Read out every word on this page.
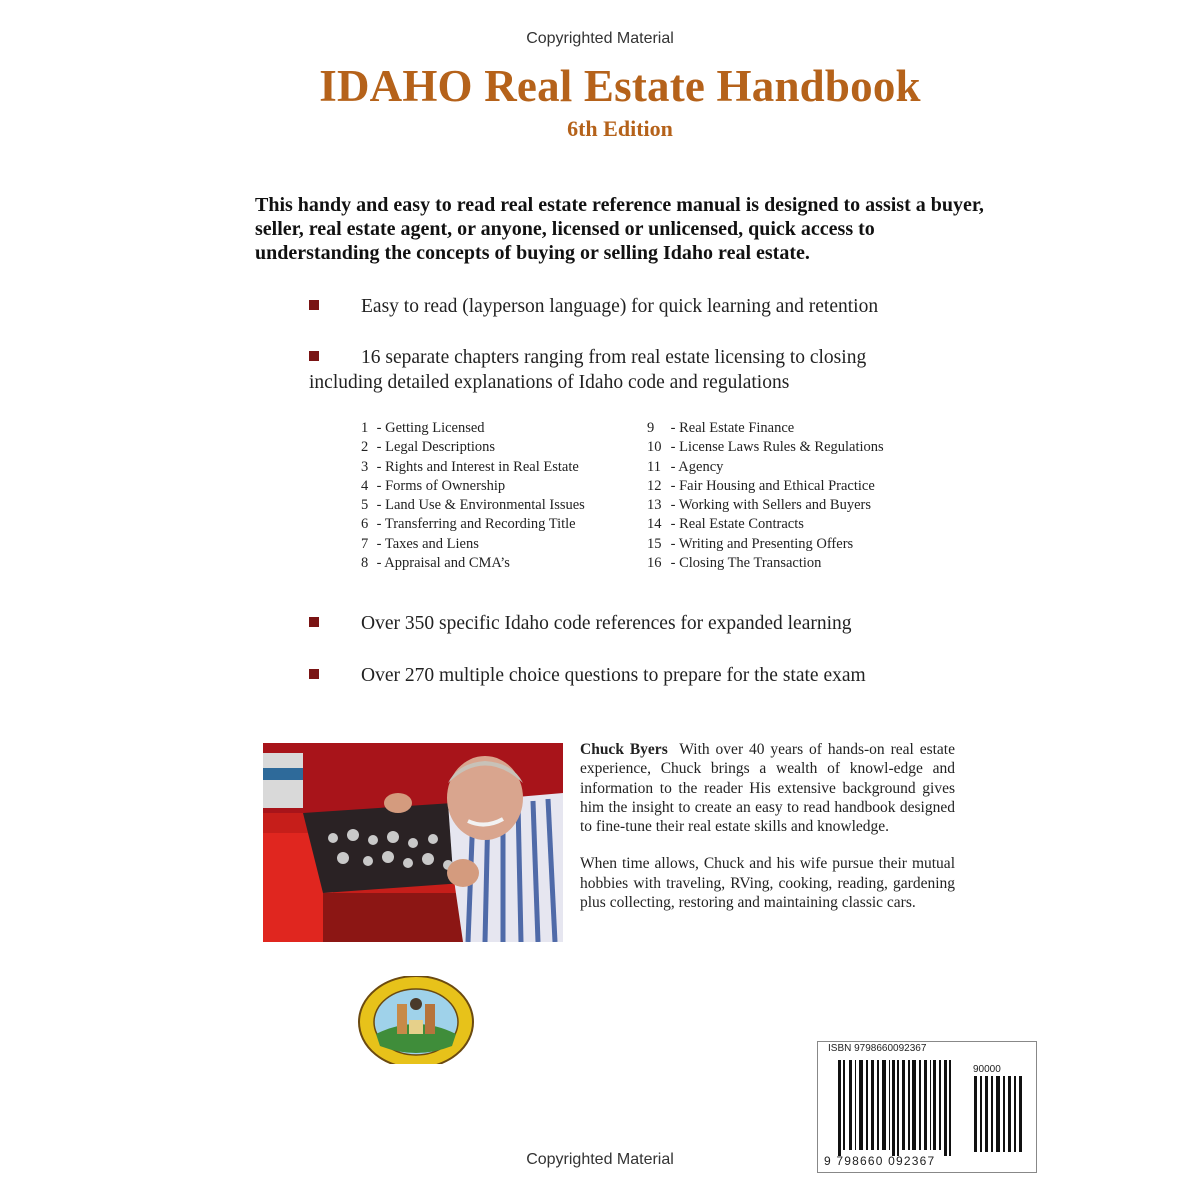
Copyrighted Material
IDAHO Real Estate Handbook
6th Edition
This handy and easy to read real estate reference manual is designed to assist a buyer, seller, real estate agent, or anyone, licensed or unlicensed, quick access to understanding the concepts of buying or selling Idaho real estate.
Easy to read (layperson language) for quick learning and retention
16 separate chapters ranging from real estate licensing to closing including detailed explanations of Idaho code and regulations
1 - Getting Licensed
2 - Legal Descriptions
3 - Rights and Interest in Real Estate
4 - Forms of Ownership
5 - Land Use & Environmental Issues
6 - Transferring and Recording Title
7 - Taxes and Liens
8 - Appraisal and CMA’s
9 - Real Estate Finance
10 - License Laws Rules & Regulations
11 - Agency
12 - Fair Housing and Ethical Practice
13 - Working with Sellers and Buyers
14 - Real Estate Contracts
15 - Writing and Presenting Offers
16 - Closing The Transaction
Over 350 specific Idaho code references for expanded learning
Over 270 multiple choice questions to prepare for the state exam

Chuck Byers With over 40 years of hands-on real estate experience, Chuck brings a wealth of knowl-edge and information to the reader His extensive background gives him the insight to create an easy to read handbook designed to fine-tune their real estate skills and knowledge.

When time allows, Chuck and his wife pursue their mutual hobbies with traveling, RVing, cooking, reading, gardening plus collecting, restoring and maintaining classic cars.

ISBN 9798660092367
90000
9 798660 092367
Copyrighted Material
